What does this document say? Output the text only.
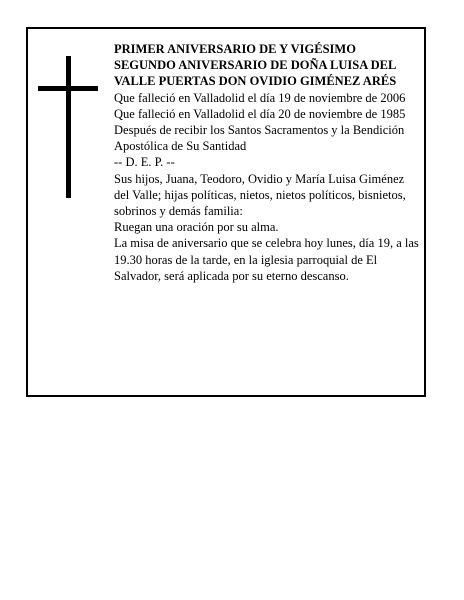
PRIMER ANIVERSARIO DE Y VIGÉSIMO SEGUNDO ANIVERSARIO DE DOÑA LUISA DEL VALLE PUERTAS DON OVIDIO GIMÉNEZ ARÉS

Que falleció en Valladolid el día 19 de noviembre de 2006

Que falleció en Valladolid el día 20 de noviembre de 1985

Después de recibir los Santos Sacramentos y la Bendición Apostólica de Su Santidad

-- D. E. P. --

Sus hijos, Juana, Teodoro, Ovidio y María Luisa Giménez del Valle; hijas políticas, nietos, nietos políticos, bisnietos, sobrinos y demás familia:

Ruegan una oración por su alma.

La misa de aniversario que se celebra hoy lunes, día 19, a las 19.30 horas de la tarde, en la iglesia parroquial de El Salvador, será aplicada por su eterno descanso.
